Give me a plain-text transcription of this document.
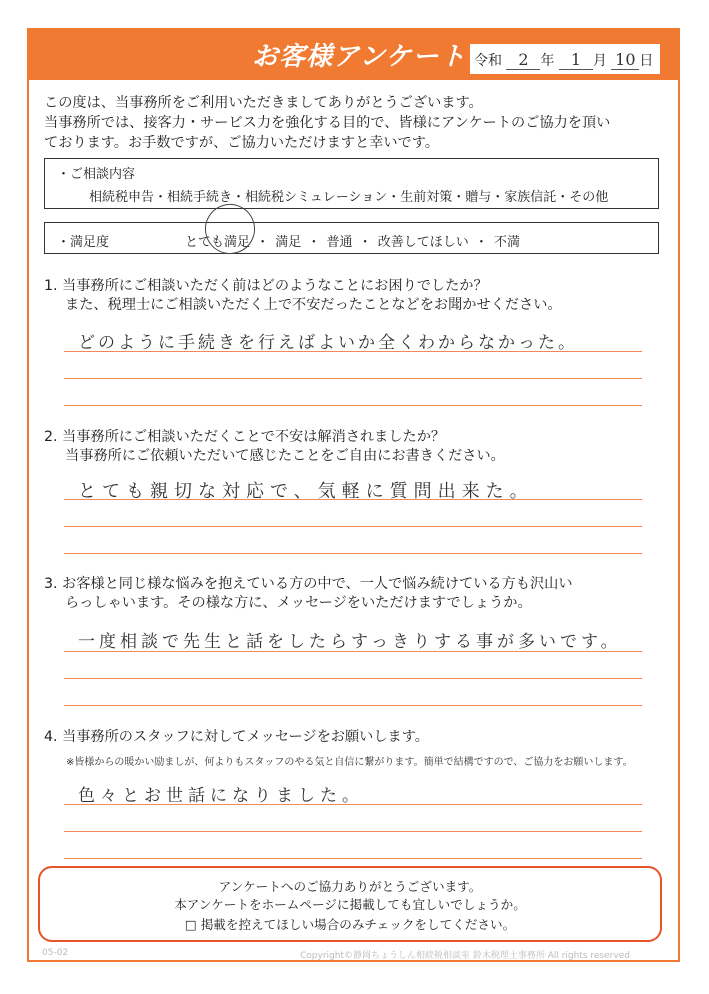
お客様アンケート 令和 2 年 1 月 10 日
この度は、当事務所をご利用いただきましてありがとうございます。
当事務所では、接客力・サービス力を強化する目的で、皆様にアンケートのご協力を頂い
ております。お手数ですが、ご協力いただけますと幸いです。
・ご相談内容
相続税申告・相続手続き・相続税シミュレーション・生前対策・贈与・家族信託・その他
・満足度	とても満足 ・ 満足 ・ 普通 ・ 改善してほしい ・ 不満
1. 当事務所にご相談いただく前はどのようなことにお困りでしたか？
また、税理士にご相談いただく上で不安だったことなどをお聞かせください。
どのように手続きを行えばよいか全くわからなかった。
2. 当事務所にご相談いただくことで不安は解消されましたか？
当事務所にご依頼いただいて感じたことをご自由にお書きください。
とても親切な対応で、気軽に質問出来た。
3. お客様と同じ様な悩みを抱えている方の中で、一人で悩み続けている方も沢山い
らっしゃいます。その様な方に、メッセージをいただけますでしょうか。
一度相談で先生と話をしたらすっきりする事が多いです。
4. 当事務所のスタッフに対してメッセージをお願いします。
※皆様からの暖かい励ましが、何よりもスタッフのやる気と自信に繋がります。簡単で結構ですので、ご協力をお願いします。
色々とお世話になりました。
アンケートへのご協力ありがとうございます。
本アンケートをホームページに掲載しても宜しいでしょうか。
□ 掲載を控えてほしい場合のみチェックをしてください。
05-02	Copyright©静岡ちょうしん相続税相談室 鈴木税理士事務所 All rights reserved
